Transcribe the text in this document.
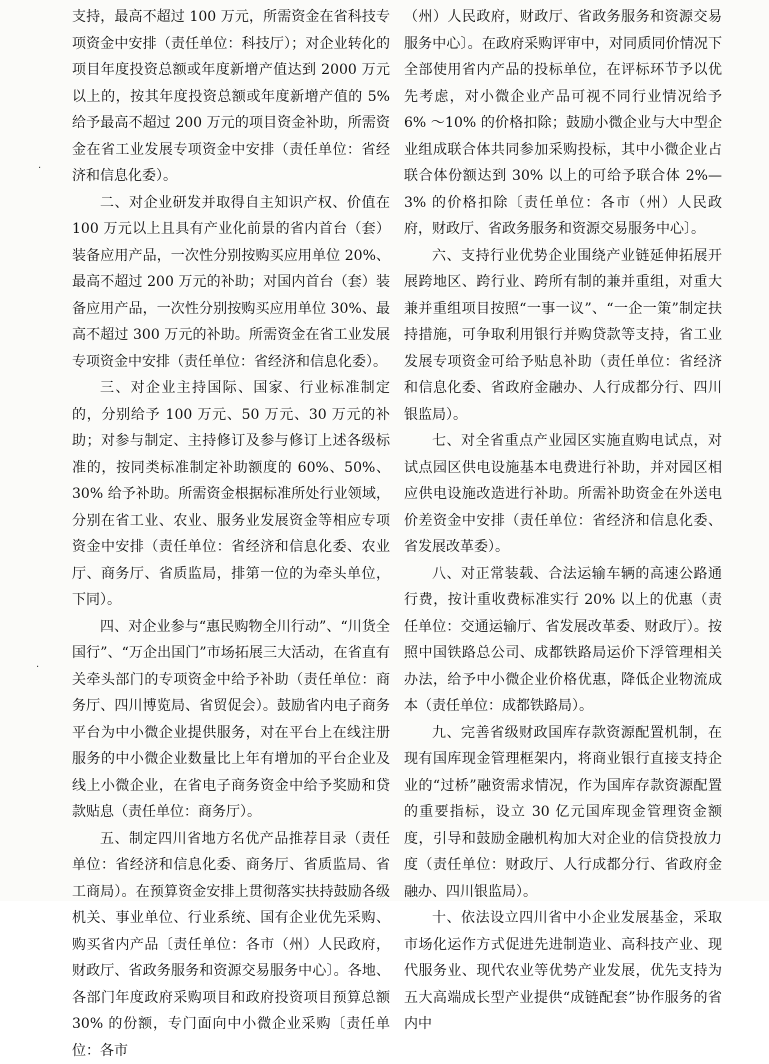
支持，最高不超过 100 万元，所需资金在省科技专项资金中安排（责任单位：科技厅）；对企业转化的项目年度投资总额或年度新增产值达到 2000 万元以上的，按其年度投资总额或年度新增产值的 5% 给予最高不超过 200 万元的项目资金补助，所需资金在省工业发展专项资金中安排（责任单位：省经济和信息化委）。

二、对企业研发并取得自主知识产权、价值在 100 万元以上且具有产业化前景的省内首台（套）装备应用产品，一次性分别按购买应用单位 20%、最高不超过 200 万元的补助；对国内首台（套）装备应用产品，一次性分别按购买应用单位 30%、最高不超过 300 万元的补助。所需资金在省工业发展专项资金中安排（责任单位：省经济和信息化委）。

三、对企业主持国际、国家、行业标准制定的，分别给予 100 万元、50 万元、30 万元的补助；对参与制定、主持修订及参与修订上述各级标准的，按同类标准制定补助额度的 60%、50%、30% 给予补助。所需资金根据标准所处行业领域，分别在省工业、农业、服务业发展资金等相应专项资金中安排（责任单位：省经济和信息化委、农业厅、商务厅、省质监局，排第一位的为牵头单位，下同）。

四、对企业参与“惠民购物全川行动”、“川货全国行”、“万企出国门”市场拓展三大活动，在省直有关牵头部门的专项资金中给予补助（责任单位：商务厅、四川博览局、省贸促会）。鼓励省内电子商务平台为中小微企业提供服务，对在平台上在线注册服务的中小微企业数量比上年有增加的平台企业及线上小微企业，在省电子商务资金中给予奖励和贷款贴息（责任单位：商务厅）。

五、制定四川省地方名优产品推荐目录（责任单位：省经济和信息化委、商务厅、省质监局、省工商局）。在预算资金安排上贯彻落实扶持鼓励各级机关、事业单位、行业系统、国有企业优先采购、购买省内产品〔责任单位：各市（州）人民政府，财政厅、省政务服务和资源交易服务中心〕。各地、各部门年度政府采购项目和政府投资项目预算总额 30% 的份额，专门面向中小微企业采购〔责任单位：各市

（州）人民政府，财政厅、省政务服务和资源交易服务中心〕。在政府采购评审中，对同质同价情况下全部使用省内产品的投标单位，在评标环节予以优先考虑，对小微企业产品可视不同行业情况给予 6% ～10% 的价格扣除；鼓励小微企业与大中型企业组成联合体共同参加采购投标，其中小微企业占联合体份额达到 30% 以上的可给予联合体 2%—3% 的价格扣除〔责任单位：各市（州）人民政府，财政厅、省政务服务和资源交易服务中心〕。

六、支持行业优势企业围绕产业链延伸拓展开展跨地区、跨行业、跨所有制的兼并重组，对重大兼并重组项目按照“一事一议”、“一企一策”制定扶持措施，可争取利用银行并购贷款等支持，省工业发展专项资金可给予贴息补助（责任单位：省经济和信息化委、省政府金融办、人行成都分行、四川银监局）。

七、对全省重点产业园区实施直购电试点，对试点园区供电设施基本电费进行补助，并对园区相应供电设施改造进行补助。所需补助资金在外送电价差资金中安排（责任单位：省经济和信息化委、省发展改革委）。

八、对正常装载、合法运输车辆的高速公路通行费，按计重收费标准实行 20% 以上的优惠（责任单位：交通运输厅、省发展改革委、财政厅）。按照中国铁路总公司、成都铁路局运价下浮管理相关办法，给予中小微企业价格优惠，降低企业物流成本（责任单位：成都铁路局）。

九、完善省级财政国库存款资源配置机制，在现有国库现金管理框架内，将商业银行直接支持企业的“过桥”融资需求情况，作为国库存款资源配置的重要指标，设立 30 亿元国库现金管理资金额度，引导和鼓励金融机构加大对企业的信贷投放力度（责任单位：财政厅、人行成都分行、省政府金融办、四川银监局）。

十、依法设立四川省中小企业发展基金，采取市场化运作方式促进先进制造业、高科技产业、现代服务业、现代农业等优势产业发展，优先支持为五大高端成长型产业提供“成链配套”协作服务的省内中

.
·
